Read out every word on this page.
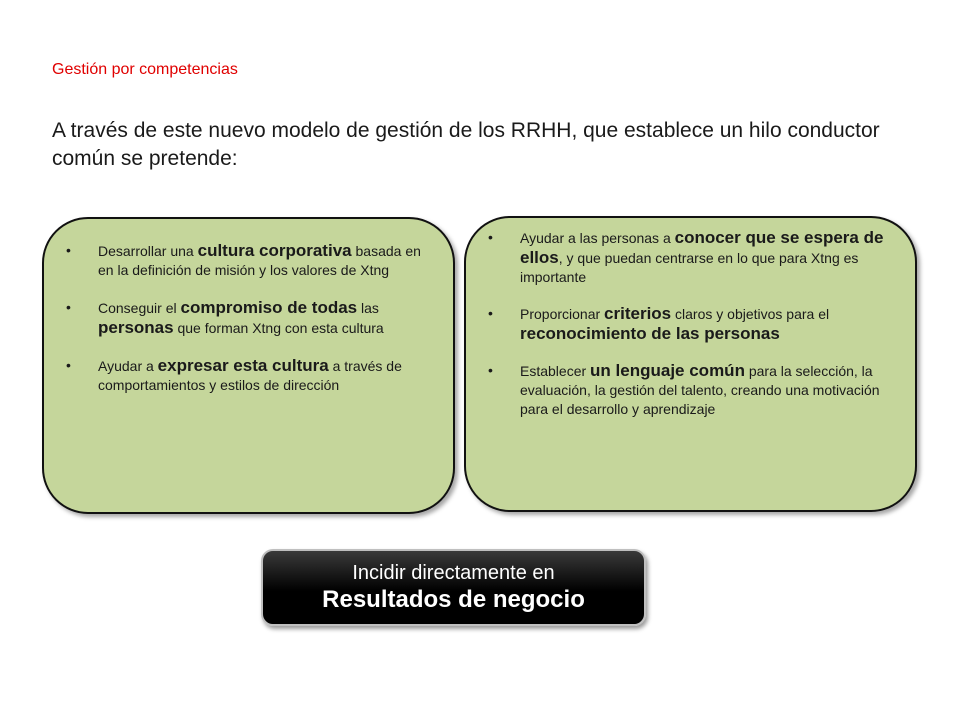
Gestión por competencias
A través de este nuevo modelo de gestión de los RRHH, que establece un hilo conductor común se pretende:
• Desarrollar una cultura corporativa basada en en la definición de misión y los valores de Xtng
• Conseguir el compromiso de todas las personas que forman Xtng con esta cultura
• Ayudar a expresar esta cultura a través de comportamientos y estilos de dirección
• Ayudar a las personas a conocer que se espera de ellos, y que puedan centrarse en lo que para Xtng es importante
• Proporcionar criterios claros y objetivos para el reconocimiento de las personas
• Establecer un lenguaje común para la selección, la evaluación, la gestión del talento, creando una motivación para el desarrollo y aprendizaje
Incidir directamente en
Resultados de negocio
